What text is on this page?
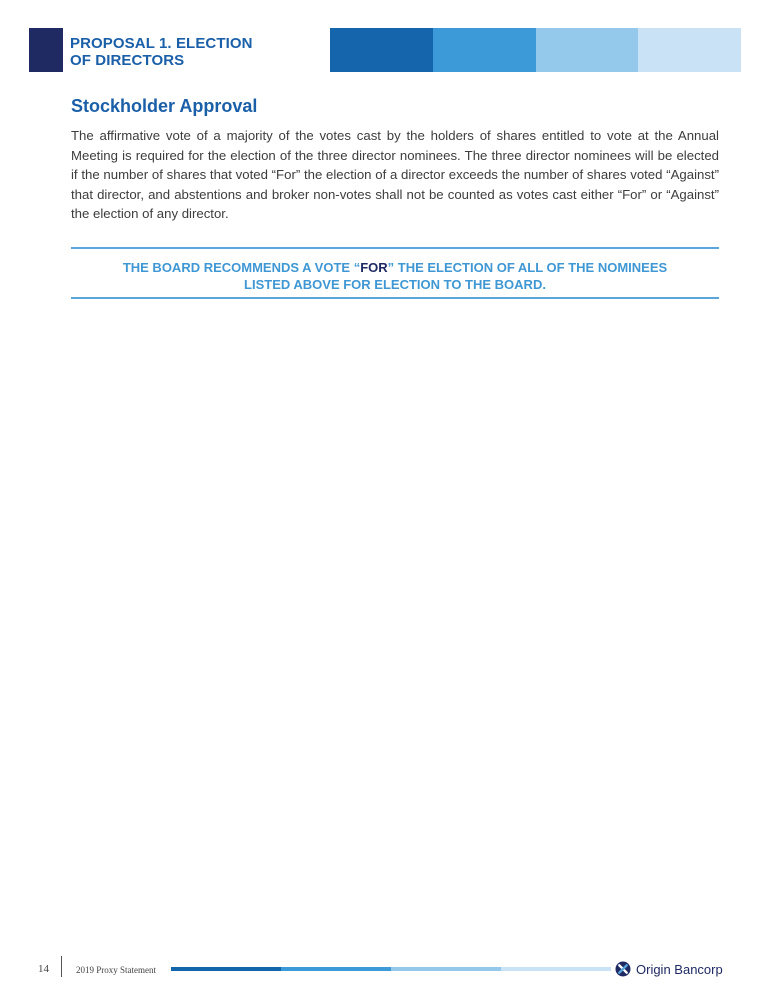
PROPOSAL 1. ELECTION
OF DIRECTORS
Stockholder Approval

The affirmative vote of a majority of the votes cast by the holders of shares entitled to vote at the Annual Meeting is required for the election of the three director nominees. The three director nominees will be elected if the number of shares that voted “For” the election of a director exceeds the number of shares voted “Against” that director, and abstentions and broker non-votes shall not be counted as votes cast either “For” or “Against” the election of any director.

THE BOARD RECOMMENDS A VOTE “FOR” THE ELECTION OF ALL OF THE NOMINEES
LISTED ABOVE FOR ELECTION TO THE BOARD.

14	2019 Proxy Statement	Origin Bancorp
